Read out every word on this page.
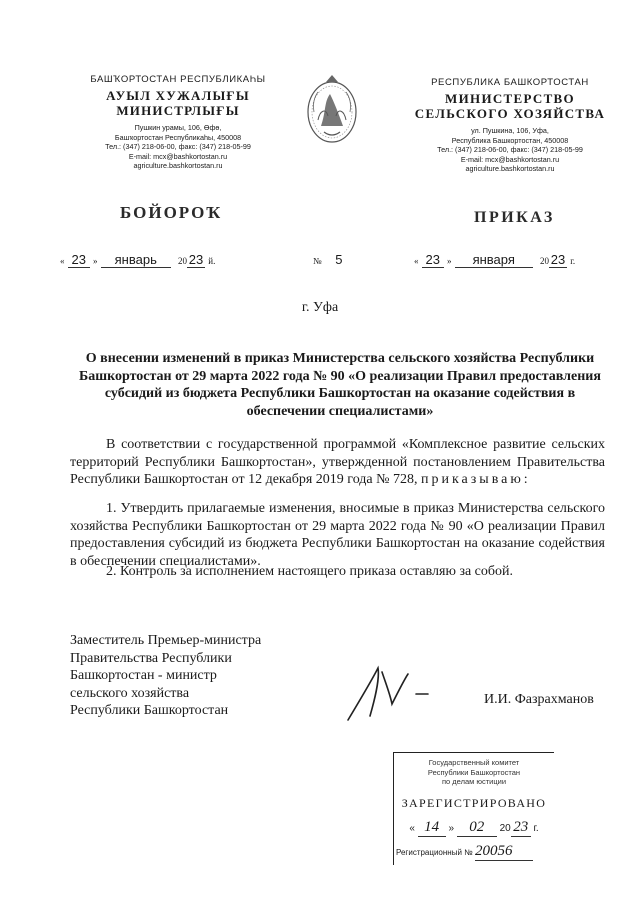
БАШҠОРТОСТАН РЕСПУБЛИКАҺЫ
АУЫЛ ХУЖАЛЫҒЫ
МИНИСТРЛЫҒЫ
Пушкин урамы, 106, Өфө,
Башҡортостан Республикаһы, 450008
Тел.: (347) 218-06-00, факс: (347) 218-05-99
E-mail: mcx@bashkortostan.ru
agriculture.bashkortostan.ru
РЕСПУБЛИКА БАШКОРТОСТАН
МИНИСТЕРСТВО
СЕЛЬСКОГО ХОЗЯЙСТВА
ул. Пушкина, 106, Уфа,
Республика Башкортостан, 450008
Тел.: (347) 218-06-00, факс: (347) 218-05-99
E-mail: mcx@bashkortostan.ru
agriculture.bashkortostan.ru
БОЙОРОҠ	ПРИКАЗ
« 23 » январь 20 23 й.	№ 5	« 23 » января	20 23 г.
г. Уфа
О внесении изменений в приказ Министерства сельского хозяйства Республики Башкортостан от 29 марта 2022 года № 90 «О реализации Правил предоставления субсидий из бюджета Республики Башкортостан на оказание содействия в обеспечении специалистами»
В соответствии с государственной программой «Комплексное развитие сельских территорий Республики Башкортостан», утвержденной постановлением Правительства Республики Башкортостан от 12 декабря 2019 года № 728, приказываю:
1. Утвердить прилагаемые изменения, вносимые в приказ Министерства сельского хозяйства Республики Башкортостан от 29 марта 2022 года № 90 «О реализации Правил предоставления субсидий из бюджета Республики Башкортостан на оказание содействия в обеспечении специалистами».
2. Контроль за исполнением настоящего приказа оставляю за собой.
Заместитель Премьер-министра
Правительства Республики
Башкортостан - министр
сельского хозяйства
Республики Башкортостан
И.И. Фазрахманов
Государственный комитет
Республики Башкортостан
по делам юстиции
ЗАРЕГИСТРИРОВАНО
« 14 » 02 20 23 г.
Регистрационный № 20056
